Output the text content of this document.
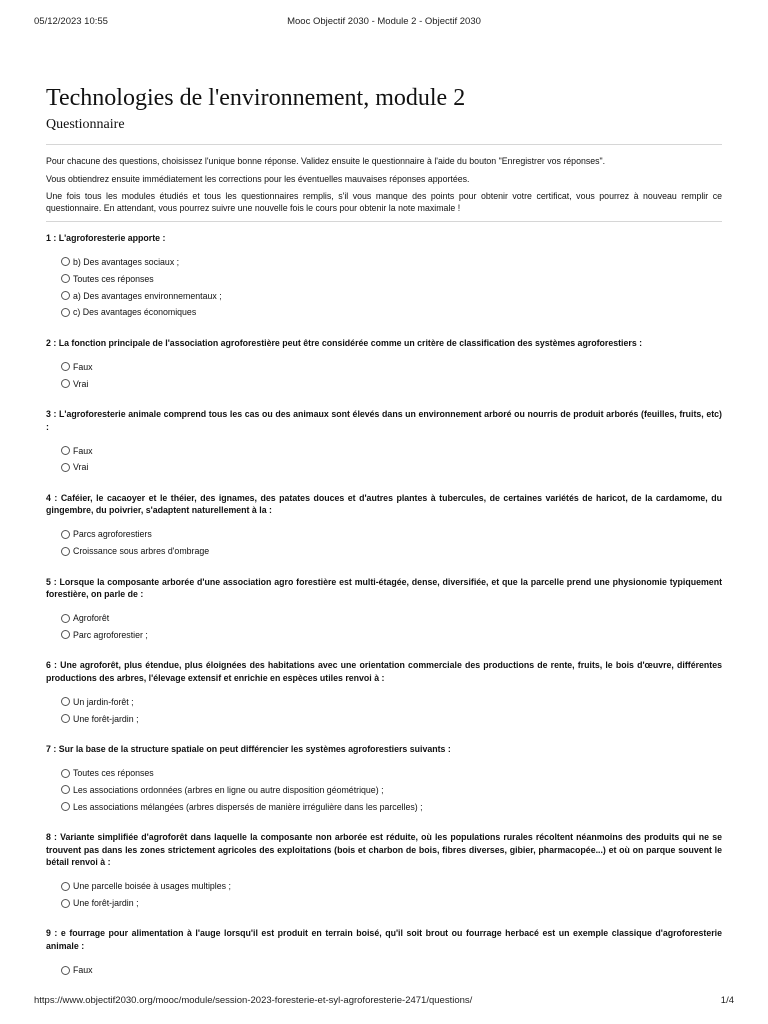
05/12/2023 10:55	Mooc Objectif 2030 - Module 2 - Objectif 2030
Technologies de l'environnement, module 2
Questionnaire

Pour chacune des questions, choisissez l'unique bonne réponse. Validez ensuite le questionnaire à l'aide du bouton "Enregistrer vos réponses".

Vous obtiendrez ensuite immédiatement les corrections pour les éventuelles mauvaises réponses apportées.

Une fois tous les modules étudiés et tous les questionnaires remplis, s'il vous manque des points pour obtenir votre certificat, vous pourrez à nouveau remplir ce questionnaire. En attendant, vous pourrez suivre une nouvelle fois le cours pour obtenir la note maximale !

1 : L'agroforesterie apporte :
b) Des avantages sociaux ;
Toutes ces réponses
a) Des avantages environnementaux ;
c) Des avantages économiques
2 : La fonction principale de l'association agroforestière peut être considérée comme un critère de classification des systèmes agroforestiers :
Faux
Vrai
3 : L'agroforesterie animale comprend tous les cas ou des animaux sont élevés dans un environnement arboré ou nourris de produit arborés (feuilles, fruits, etc) :
Faux
Vrai
4 : Caféier, le cacaoyer et le théier, des ignames, des patates douces et d'autres plantes à tubercules, de certaines variétés de haricot, de la cardamome, du gingembre, du poivrier, s'adaptent naturellement à la :
Parcs agroforestiers
Croissance sous arbres d'ombrage
5 : Lorsque la composante arborée d'une association agro forestière est multi-étagée, dense, diversifiée, et que la parcelle prend une physionomie typiquement forestière, on parle de :
Agroforêt
Parc agroforestier ;
6 : Une agroforêt, plus étendue, plus éloignées des habitations avec une orientation commerciale des productions de rente, fruits, le bois d'œuvre, différentes productions des arbres, l'élevage extensif et enrichie en espèces utiles renvoi à :
Un jardin-forêt ;
Une forêt-jardin ;
7 : Sur la base de la structure spatiale on peut différencier les systèmes agroforestiers suivants :
Toutes ces réponses
Les associations ordonnées (arbres en ligne ou autre disposition géométrique) ;
Les associations mélangées (arbres dispersés de manière irrégulière dans les parcelles) ;
8 : Variante simplifiée d'agroforêt dans laquelle la composante non arborée est réduite, où les populations rurales récoltent néanmoins des produits qui ne se trouvent pas dans les zones strictement agricoles des exploitations (bois et charbon de bois, fibres diverses, gibier, pharmacopée...) et où on parque souvent le bétail renvoi à :
Une parcelle boisée à usages multiples ;
Une forêt-jardin ;
9 : e fourrage pour alimentation à l'auge lorsqu'il est produit en terrain boisé, qu'il soit brout ou fourrage herbacé est un exemple classique d'agroforesterie animale :
Faux
https://www.objectif2030.org/mooc/module/session-2023-foresterie-et-syl-agroforesterie-2471/questions/	1/4
